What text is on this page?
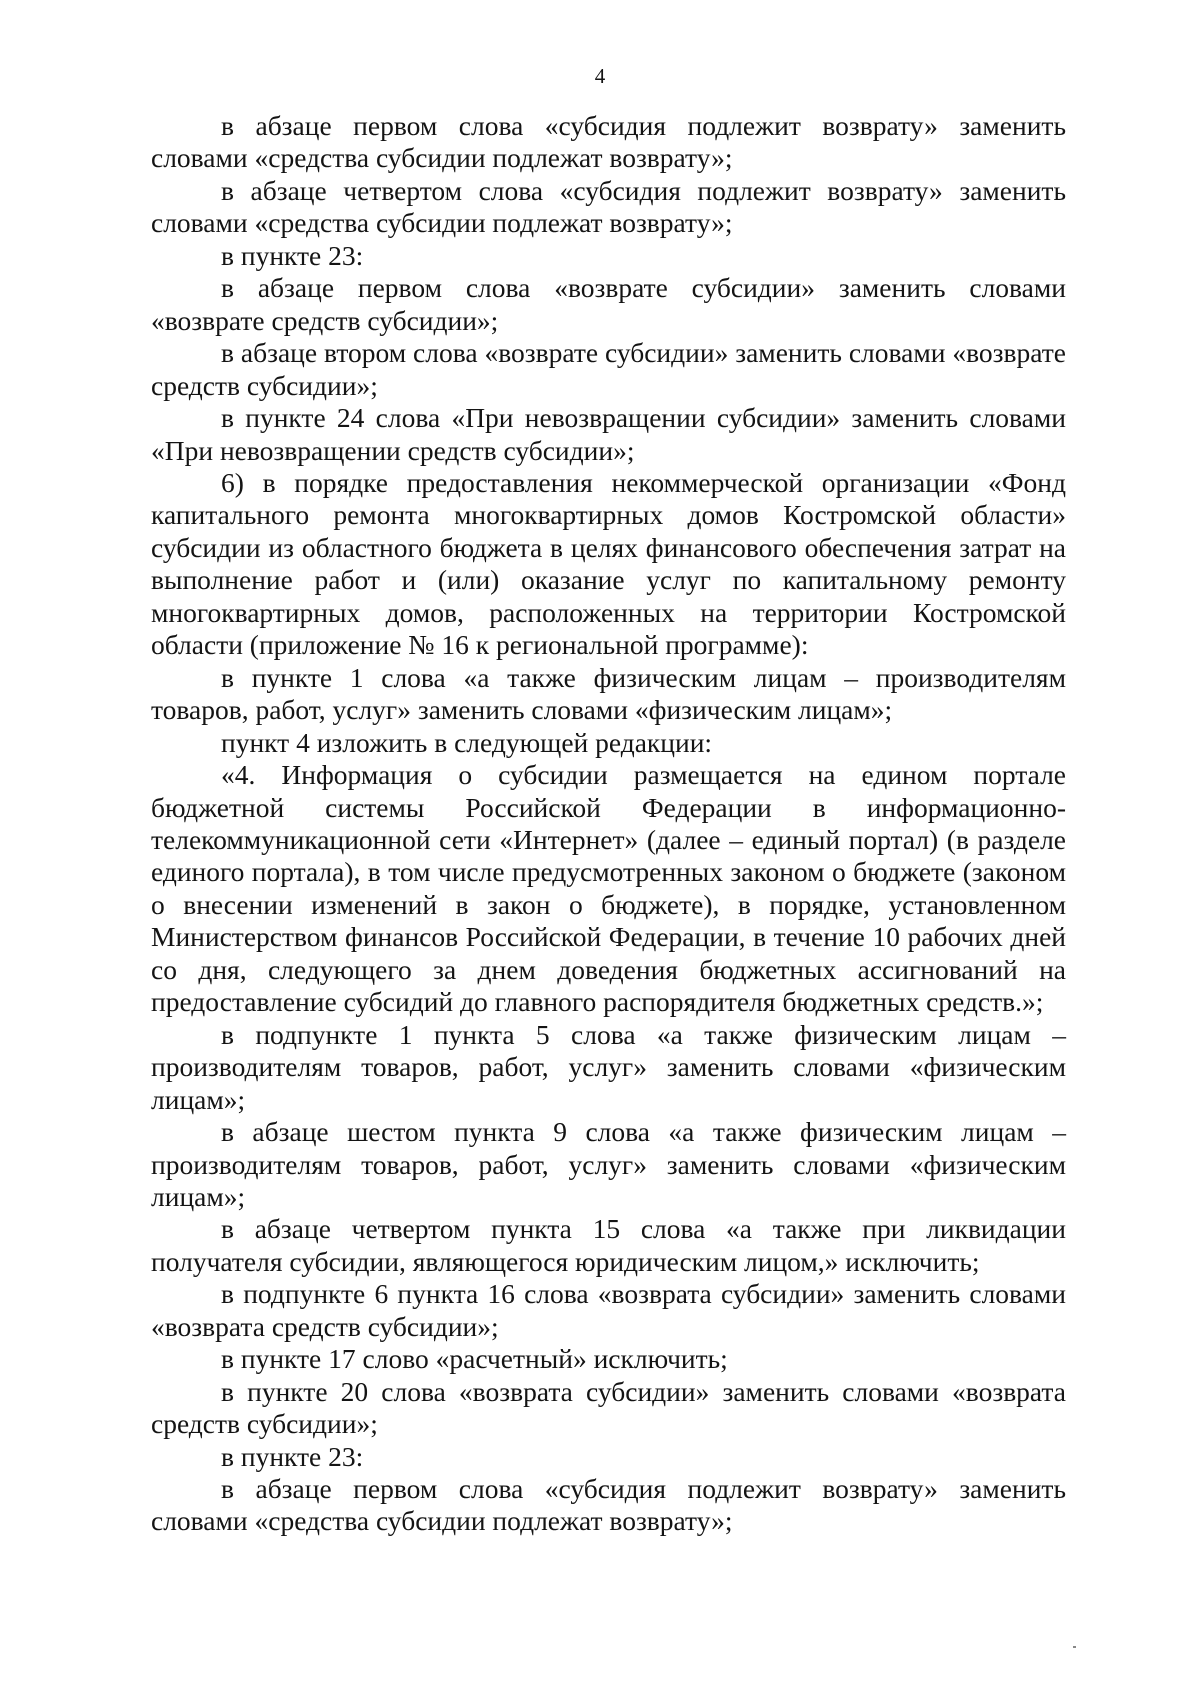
4

в абзаце первом слова «субсидия подлежит возврату» заменить словами «средства субсидии подлежат возврату»;

в абзаце четвертом слова «субсидия подлежит возврату» заменить словами «средства субсидии подлежат возврату»;

в пункте 23:

в абзаце первом слова «возврате субсидии» заменить словами «возврате средств субсидии»;

в абзаце втором слова «возврате субсидии» заменить словами «возврате средств субсидии»;

в пункте 24 слова «При невозвращении субсидии» заменить словами «При невозвращении средств субсидии»;

6) в порядке предоставления некоммерческой организации «Фонд капитального ремонта многоквартирных домов Костромской области» субсидии из областного бюджета в целях финансового обеспечения затрат на выполнение работ и (или) оказание услуг по капитальному ремонту многоквартирных домов, расположенных на территории Костромской области (приложение № 16 к региональной программе):

в пункте 1 слова «а также физическим лицам – производителям товаров, работ, услуг» заменить словами «физическим лицам»;

пункт 4 изложить в следующей редакции:

«4. Информация о субсидии размещается на едином портале бюджетной системы Российской Федерации в информационно-телекоммуникационной сети «Интернет» (далее – единый портал) (в разделе единого портала), в том числе предусмотренных законом о бюджете (законом о внесении изменений в закон о бюджете), в порядке, установленном Министерством финансов Российской Федерации, в течение 10 рабочих дней со дня, следующего за днем доведения бюджетных ассигнований на предоставление субсидий до главного распорядителя бюджетных средств.»;

в подпункте 1 пункта 5 слова «а также физическим лицам – производителям товаров, работ, услуг» заменить словами «физическим лицам»;

в абзаце шестом пункта 9 слова «а также физическим лицам – производителям товаров, работ, услуг» заменить словами «физическим лицам»;

в абзаце четвертом пункта 15 слова «а также при ликвидации получателя субсидии, являющегося юридическим лицом,» исключить;

в подпункте 6 пункта 16 слова «возврата субсидии» заменить словами «возврата средств субсидии»;

в пункте 17 слово «расчетный» исключить;

в пункте 20 слова «возврата субсидии» заменить словами «возврата средств субсидии»;

в пункте 23:

в абзаце первом слова «субсидия подлежит возврату» заменить словами «средства субсидии подлежат возврату»;
